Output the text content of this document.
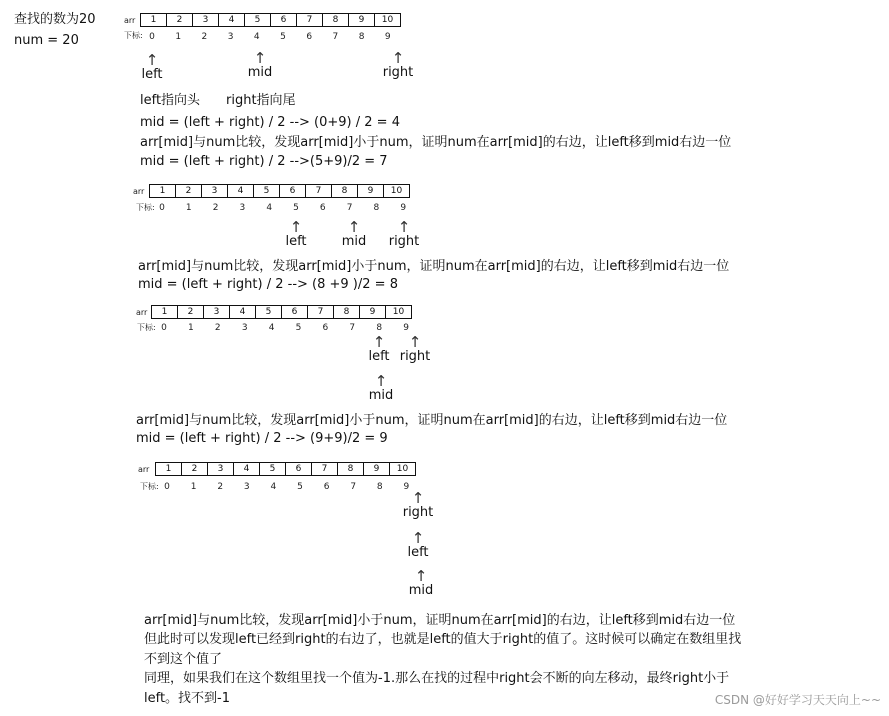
查找的数为20
num = 20
arr 1	2	3	4	5	6	7	8	9	10
下标: 0	1	2	3	4	5	6	7	8	9
↑
left
↑
mid
↑
right
left指向头 right指向尾
mid = (left + right) / 2 --> (0+9) / 2 = 4
arr[mid]与num比较，发现arr[mid]小于num，证明num在arr[mid]的右边，让left移到mid右边一位
mid = (left + right) / 2 -->(5+9)/2 = 7
arr 1	2	3	4	5	6	7	8	9	10
下标: 0	1	2	3	4	5	6	7	8	9
↑
left
↑
mid
↑
right
arr[mid]与num比较，发现arr[mid]小于num，证明num在arr[mid]的右边，让left移到mid右边一位
mid = (left + right) / 2 --> (8 +9 )/2 = 8
arr 1	2	3	4	5	6	7	8	9	10
下标: 0	1	2	3	4	5	6	7	8	9
↑
left
↑
right
↑
mid
arr[mid]与num比较，发现arr[mid]小于num，证明num在arr[mid]的右边，让left移到mid右边一位
mid = (left + right) / 2 --> (9+9)/2 = 9
arr 1	2	3	4	5	6	7	8	9	10
下标: 0	1	2	3	4	5	6	7	8	9
↑
right
↑
left
↑
mid
arr[mid]与num比较，发现arr[mid]小于num，证明num在arr[mid]的右边，让left移到mid右边一位
但此时可以发现left已经到right的右边了，也就是left的值大于right的值了。这时候可以确定在数组里找
不到这个值了
同理，如果我们在这个数组里找一个值为-1.那么在找的过程中right会不断的向左移动，最终right小于
left。找不到-1	CSDN @好好学习天天向上~~
